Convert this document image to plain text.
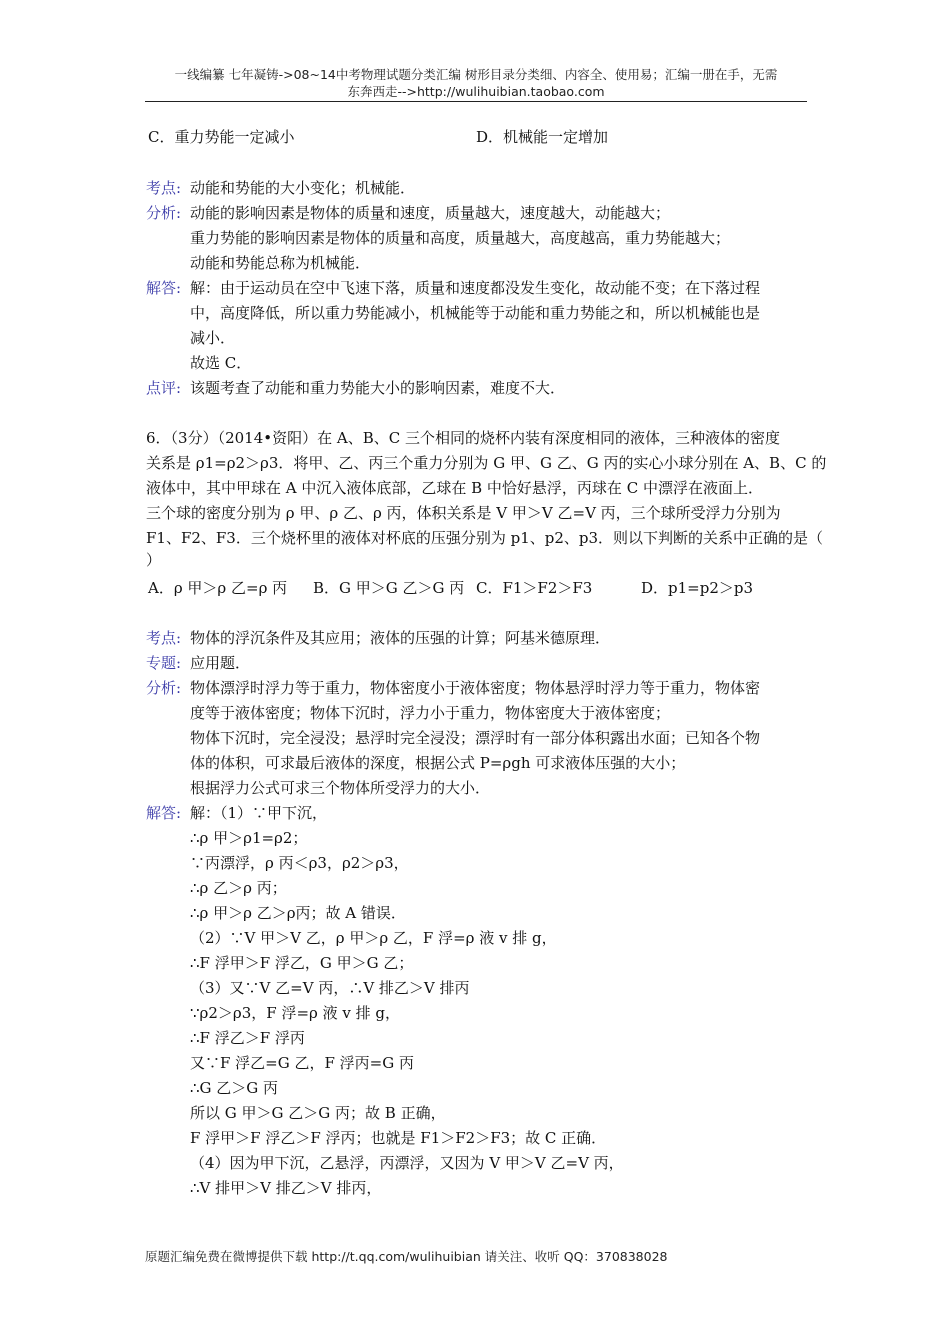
一线编纂 七年凝铸->08~14中考物理试题分类汇编 树形目录分类细、内容全、使用易；汇编一册在手，无需
东奔西走-->http://wulihuibian.taobao.com
C．重力势能一定减小	D．机械能一定增加
考点: 动能和势能的大小变化；机械能．
分析: 动能的影响因素是物体的质量和速度，质量越大，速度越大，动能越大；
重力势能的影响因素是物体的质量和高度，质量越大，高度越高，重力势能越大；
动能和势能总称为机械能．
解答: 解：由于运动员在空中飞速下落，质量和速度都没发生变化，故动能不变；在下落过程
中，高度降低，所以重力势能减小，机械能等于动能和重力势能之和，所以机械能也是
减小．
故选 C．
点评: 该题考查了动能和重力势能大小的影响因素，难度不大．
6．（3分）（2014•资阳）在 A、B、C 三个相同的烧杯内装有深度相同的液体，三种液体的密度
关系是 ρ1=ρ2＞ρ3．将甲、乙、丙三个重力分别为 G 甲、G 乙、G 丙的实心小球分别在 A、B、C 的
液体中，其中甲球在 A 中沉入液体底部，乙球在 B 中恰好悬浮，丙球在 C 中漂浮在液面上．
三个球的密度分别为 ρ 甲、ρ 乙、ρ 丙，体积关系是 V 甲＞V 乙=V 丙，三个球所受浮力分别为
F1、F2、F3．三个烧杯里的液体对杯底的压强分别为 p1、p2、p3．则以下判断的关系中正确的是（
）
A．ρ 甲＞ρ 乙=ρ 丙 B．G 甲＞G 乙＞G 丙 C．F1＞F2＞F3	D．p1=p2＞p3
考点: 物体的浮沉条件及其应用；液体的压强的计算；阿基米德原理．
专题: 应用题．
分析: 物体漂浮时浮力等于重力，物体密度小于液体密度；物体悬浮时浮力等于重力，物体密
度等于液体密度；物体下沉时，浮力小于重力，物体密度大于液体密度；
物体下沉时，完全浸没；悬浮时完全浸没；漂浮时有一部分体积露出水面；已知各个物
体的体积，可求最后液体的深度，根据公式 P=ρgh 可求液体压强的大小；
根据浮力公式可求三个物体所受浮力的大小．
解答: 解：（1）∵甲下沉，
∴ρ 甲＞ρ1=ρ2；
∵丙漂浮，ρ 丙＜ρ3，ρ2＞ρ3，
∴ρ 乙＞ρ 丙；
∴ρ 甲＞ρ 乙＞ρ丙；故 A 错误．
（2）∵V 甲＞V 乙，ρ 甲＞ρ 乙，F 浮=ρ 液 v 排 g，
∴F 浮甲＞F 浮乙，G 甲＞G 乙；
（3）又∵V 乙=V 丙，∴V 排乙＞V 排丙
∵ρ2＞ρ3，F 浮=ρ 液 v 排 g，
∴F 浮乙＞F 浮丙
又∵F 浮乙=G 乙，F 浮丙=G 丙
∴G 乙＞G 丙
所以 G 甲＞G 乙＞G 丙；故 B 正确，
F 浮甲＞F 浮乙＞F 浮丙；也就是 F1＞F2＞F3；故 C 正确．
（4）因为甲下沉，乙悬浮，丙漂浮，又因为 V 甲＞V 乙=V 丙，
∴V 排甲＞V 排乙＞V 排丙，
原题汇编免费在微博提供下载 http://t.qq.com/wulihuibian 请关注、收听 QQ：370838028
